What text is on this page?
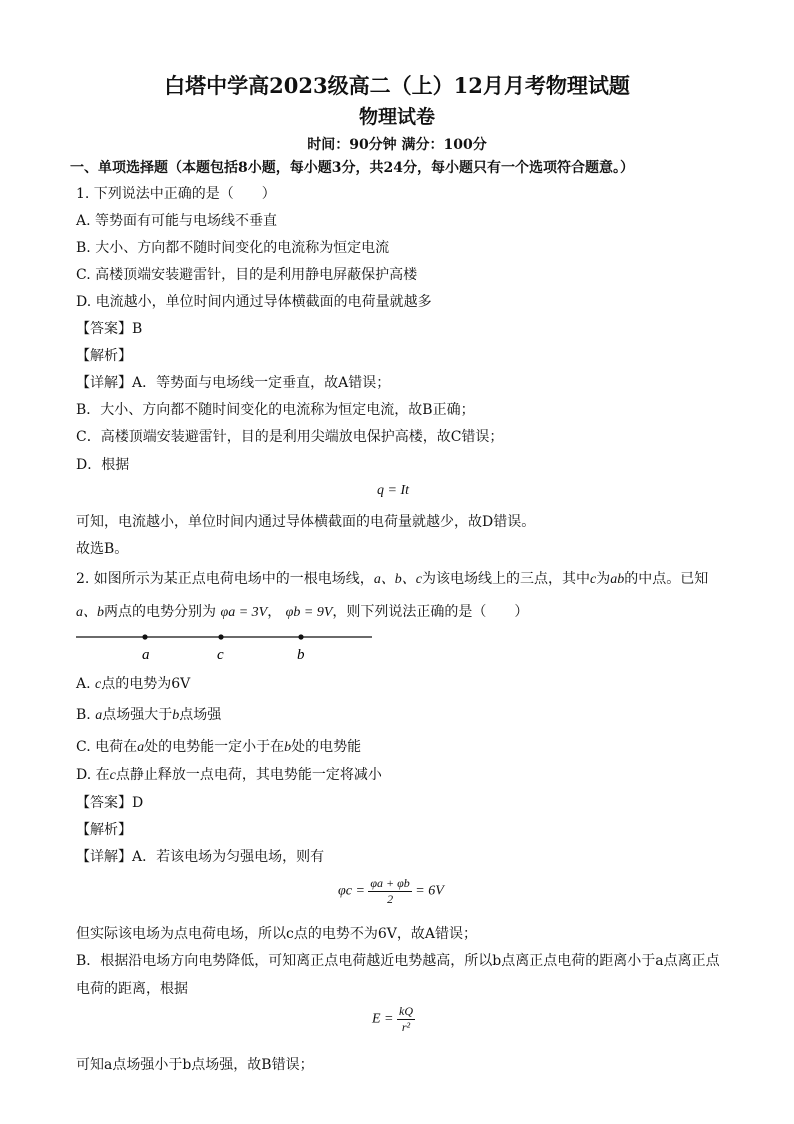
白塔中学高2023级高二（上）12月月考物理试题
物理试卷
时间：90分钟 满分：100分
一、单项选择题（本题包括8小题，每小题3分，共24分，每小题只有一个选项符合题意。）
1. 下列说法中正确的是（　　）
A. 等势面有可能与电场线不垂直
B. 大小、方向都不随时间变化的电流称为恒定电流
C. 高楼顶端安装避雷针，目的是利用静电屏蔽保护高楼
D. 电流越小，单位时间内通过导体横截面的电荷量就越多
【答案】B
【解析】
【详解】A．等势面与电场线一定垂直，故A错误；
B．大小、方向都不随时间变化的电流称为恒定电流，故B正确；
C．高楼顶端安装避雷针，目的是利用尖端放电保护高楼，故C错误；
D．根据
q = It
可知，电流越小，单位时间内通过导体横截面的电荷量就越少，故D错误。
故选B。
2. 如图所示为某正点电荷电场中的一根电场线，a、b、c为该电场线上的三点，其中c为ab的中点。已知
a、b两点的电势分别为 φa = 3V， φb = 9V，则下列说法正确的是（　　）
a	c	b
A. c点的电势为6V
B. a点场强大于b点场强
C. 电荷在a处的电势能一定小于在b处的电势能
D. 在c点静止释放一点电荷，其电势能一定将减小
【答案】D
【解析】
【详解】A．若该电场为匀强电场，则有
$\varphi c = \frac{\varphi a + \varphi b}{2} = 6V$
但实际该电场为点电荷电场，所以c点的电势不为6V，故A错误；
B．根据沿电场方向电势降低，可知离正点电荷越近电势越高，所以b点离正点电荷的距离小于a点离正点
电荷的距离，根据
$E = \frac{kQ}{\text{r²}}$
可知a点场强小于b点场强，故B错误；
